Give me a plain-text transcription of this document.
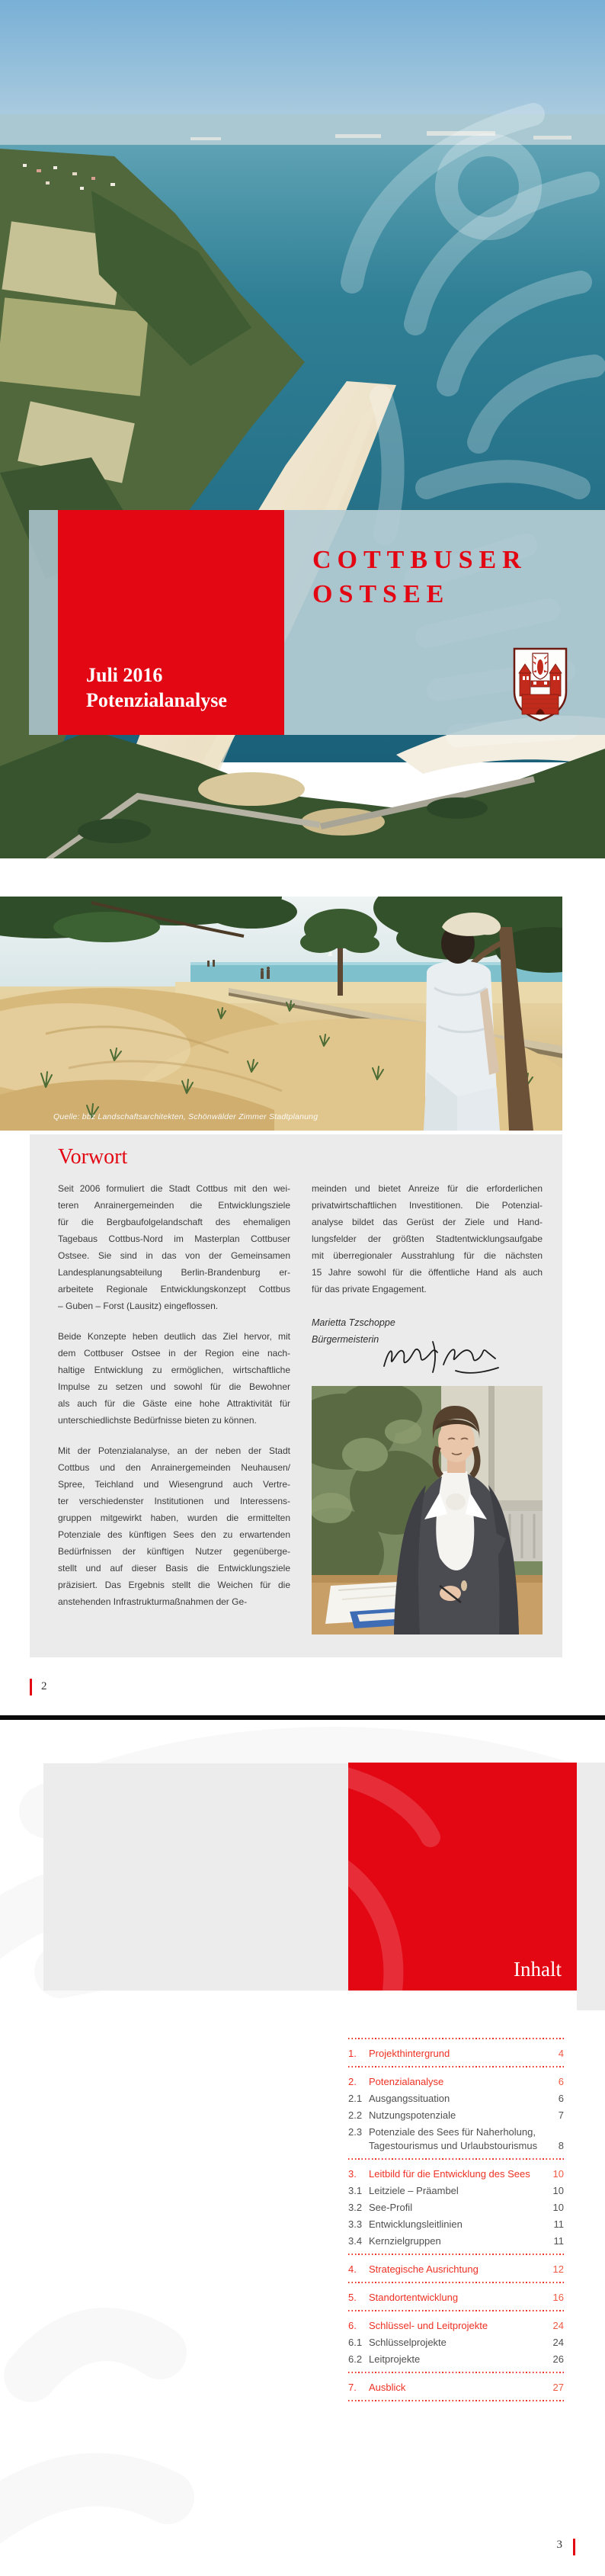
COTTBUSER
OSTSEE
Juli 2016
Potenzialanalyse
Quelle: bbz Landschaftsarchitekten, Schönwälder Zimmer Stadtplanung
Vorwort
Seit 2006 formuliert die Stadt Cottbus mit den wei-
teren Anrainergemeinden die Entwicklungsziele
für die Bergbaufolgelandschaft des ehemaligen
Tagebaus Cottbus-Nord im Masterplan Cottbuser
Ostsee. Sie sind in das von der Gemeinsamen
Landesplanungsabteilung Berlin-Brandenburg er-
arbeitete Regionale Entwicklungskonzept Cottbus
– Guben – Forst (Lausitz) eingeflossen.
Beide Konzepte heben deutlich das Ziel hervor, mit
dem Cottbuser Ostsee in der Region eine nach-
haltige Entwicklung zu ermöglichen, wirtschaftliche
Impulse zu setzen und sowohl für die Bewohner
als auch für die Gäste eine hohe Attraktivität für
unterschiedlichste Bedürfnisse bieten zu können.
Mit der Potenzialanalyse, an der neben der Stadt
Cottbus und den Anrainergemeinden Neuhausen/
Spree, Teichland und Wiesengrund auch Vertre-
ter verschiedenster Institutionen und Interessens-
gruppen mitgewirkt haben, wurden die ermittelten
Potenziale des künftigen Sees den zu erwartenden
Bedürfnissen der künftigen Nutzer gegenüberge-
stellt und auf dieser Basis die Entwicklungsziele
präzisiert. Das Ergebnis stellt die Weichen für die
anstehenden Infrastrukturmaßnahmen der Ge-
meinden und bietet Anreize für die erforderlichen
privatwirtschaftlichen Investitionen. Die Potenzial-
analyse bildet das Gerüst der Ziele und Hand-
lungsfelder der größten Stadtentwicklungsaufgabe
mit überregionaler Ausstrahlung für die nächsten
15 Jahre sowohl für die öffentliche Hand als auch
für das private Engagement.
Marietta Tzschoppe
Bürgermeisterin
2
Inhalt
1. Projekthintergrund	4
2. Potenzialanalyse	6
2.1 Ausgangssituation	6
2.2 Nutzungspotenziale	7
2.3 Potenziale des Sees für Naherholung,
Tagestourismus und Urlaubstourismus	8
3. Leitbild für die Entwicklung des Sees	10
3.1 Leitziele – Präambel	10
3.2 See-Profil	10
3.3 Entwicklungsleitlinien	11
3.4 Kernzielgruppen	11
4. Strategische Ausrichtung	12
5. Standortentwicklung	16
6. Schlüssel- und Leitprojekte	24
6.1 Schlüsselprojekte	24
6.2 Leitprojekte	26
7. Ausblick	27
3
